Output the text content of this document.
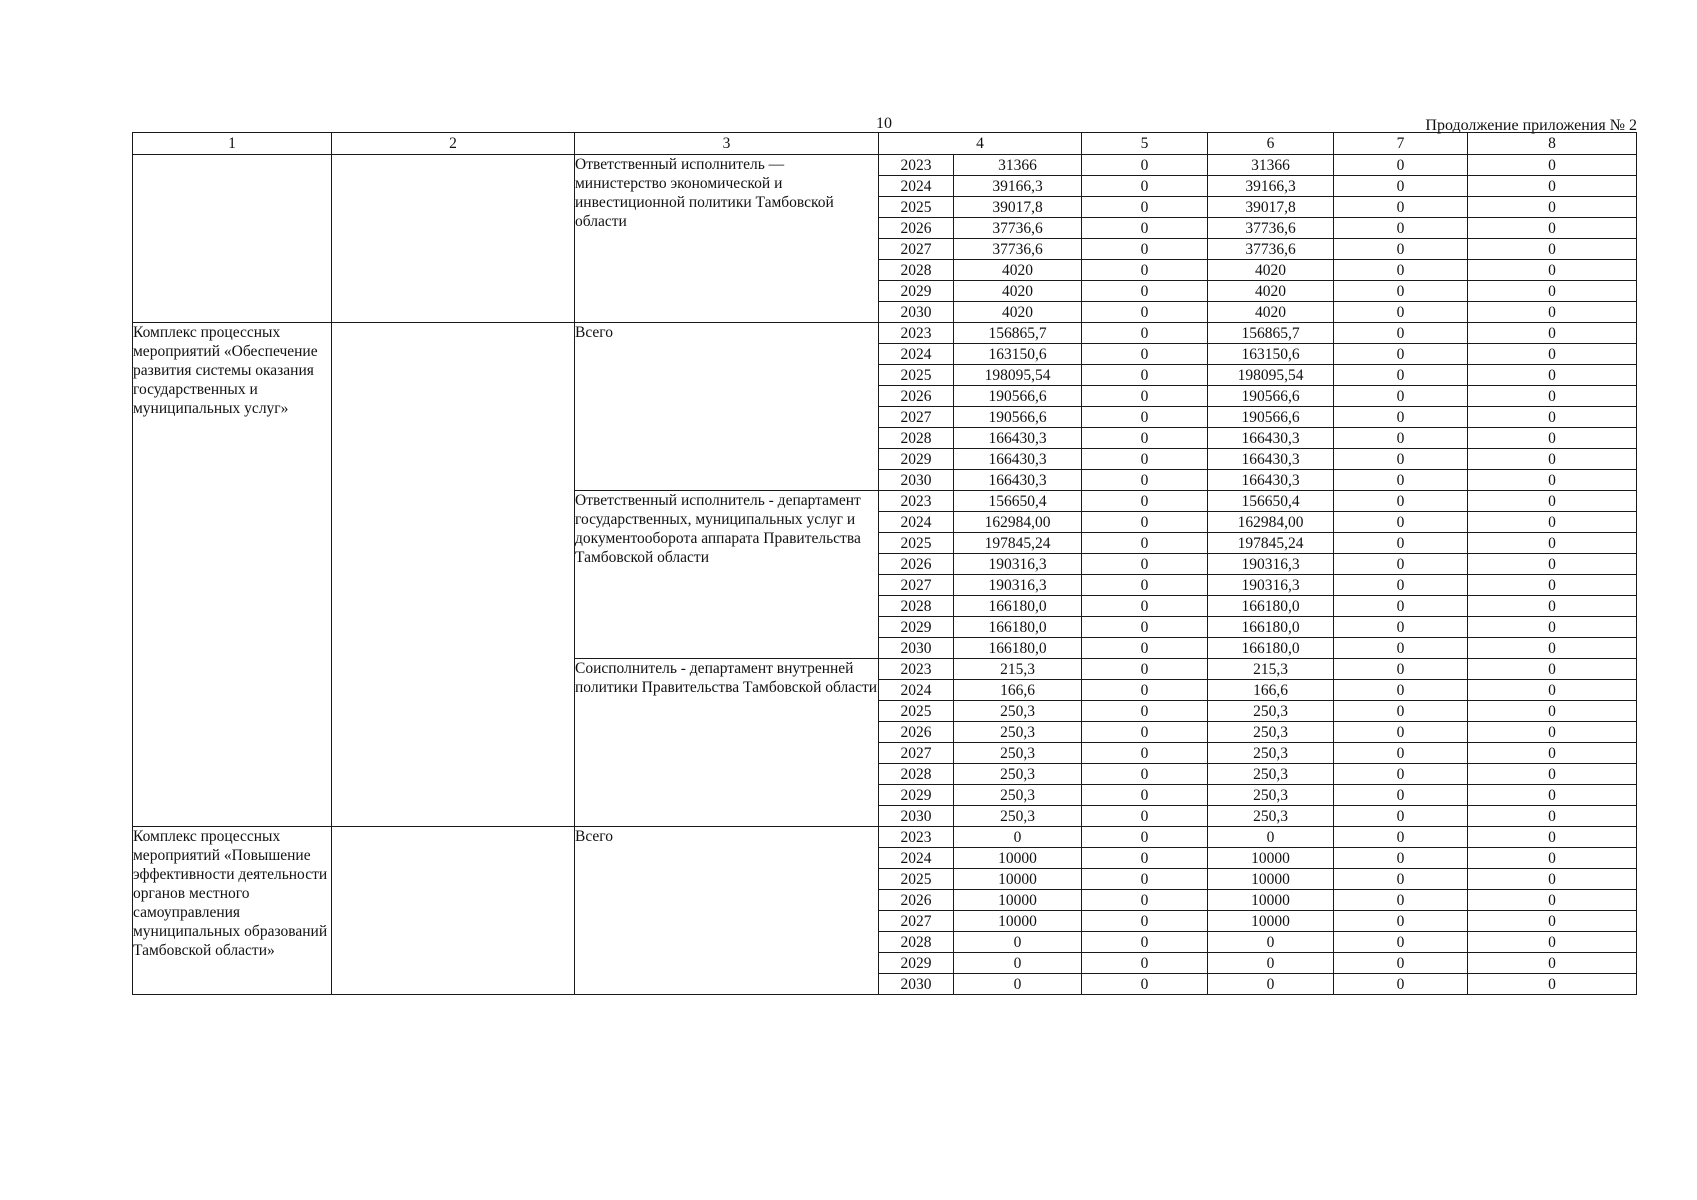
10	Продолжение приложения № 2
1	2	3	4		5	6	7	8
		Ответственный исполнитель — министерство экономической и инвестиционной политики Тамбовской области	2023	31366	0	31366	0	0
			2024	39166,3	0	39166,3	0	0
			2025	39017,8	0	39017,8	0	0
			2026	37736,6	0	37736,6	0	0
			2027	37736,6	0	37736,6	0	0
			2028	4020	0	4020	0	0
			2029	4020	0	4020	0	0
			2030	4020	0	4020	0	0
Комплекс процессных мероприятий «Обеспечение развития системы оказания государственных и муниципальных услуг»		Всего	2023	156865,7	0	156865,7	0	0
			2024	163150,6	0	163150,6	0	0
			2025	198095,54	0	198095,54	0	0
			2026	190566,6	0	190566,6	0	0
			2027	190566,6	0	190566,6	0	0
			2028	166430,3	0	166430,3	0	0
			2029	166430,3	0	166430,3	0	0
			2030	166430,3	0	166430,3	0	0
		Ответственный исполнитель - департамент государственных, муниципальных услуг и документооборота аппарата Правительства Тамбовской области	2023	156650,4	0	156650,4	0	0
			2024	162984,00	0	162984,00	0	0
			2025	197845,24	0	197845,24	0	0
			2026	190316,3	0	190316,3	0	0
			2027	190316,3	0	190316,3	0	0
			2028	166180,0	0	166180,0	0	0
			2029	166180,0	0	166180,0	0	0
			2030	166180,0	0	166180,0	0	0
		Соисполнитель - департамент внутренней политики Правительства Тамбовской области	2023	215,3	0	215,3	0	0
			2024	166,6	0	166,6	0	0
			2025	250,3	0	250,3	0	0
			2026	250,3	0	250,3	0	0
			2027	250,3	0	250,3	0	0
			2028	250,3	0	250,3	0	0
			2029	250,3	0	250,3	0	0
			2030	250,3	0	250,3	0	0
Комплекс процессных мероприятий «Повышение эффективности деятельности органов местного самоуправления муниципальных образований Тамбовской области»		Всего	2023	0	0	0	0	0
			2024	10000	0	10000	0	0
			2025	10000	0	10000	0	0
			2026	10000	0	10000	0	0
			2027	10000	0	10000	0	0
			2028	0	0	0	0	0
			2029	0	0	0	0	0
			2030	0	0	0	0	0
